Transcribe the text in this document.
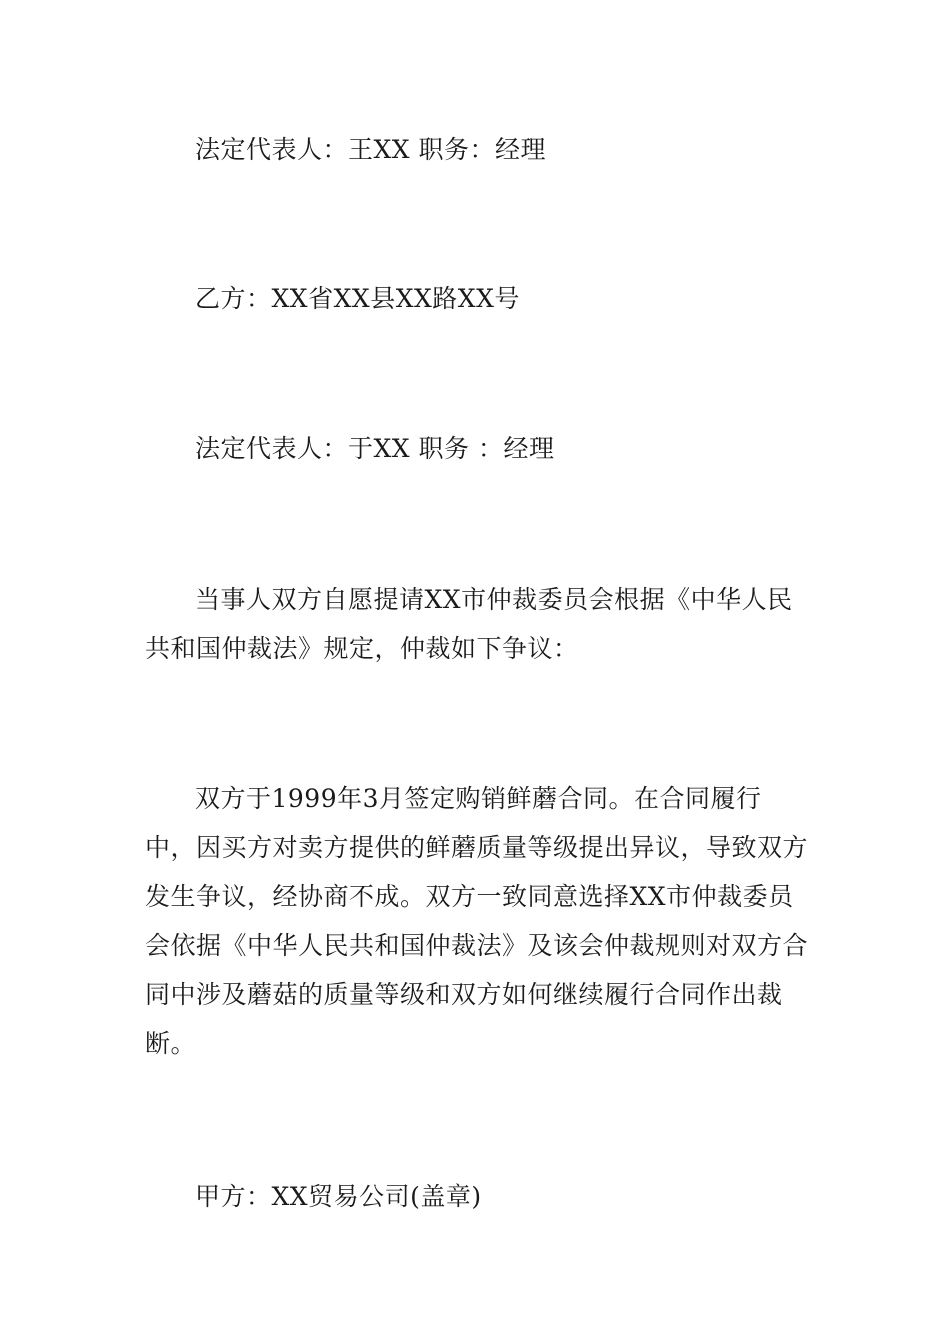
法定代表人：王XX 职务：经理

乙方：XX省XX县XX路XX号

法定代表人：于XX 职务 ：经理

当事人双方自愿提请XX市仲裁委员会根据《中华人民共和国仲裁法》规定，仲裁如下争议：

双方于1999年3月签定购销鲜蘑合同。在合同履行中，因买方对卖方提供的鲜蘑质量等级提出异议，导致双方发生争议，经协商不成。双方一致同意选择XX市仲裁委员会依据《中华人民共和国仲裁法》及该会仲裁规则对双方合同中涉及蘑菇的质量等级和双方如何继续履行合同作出裁断。

甲方：XX贸易公司(盖章)
